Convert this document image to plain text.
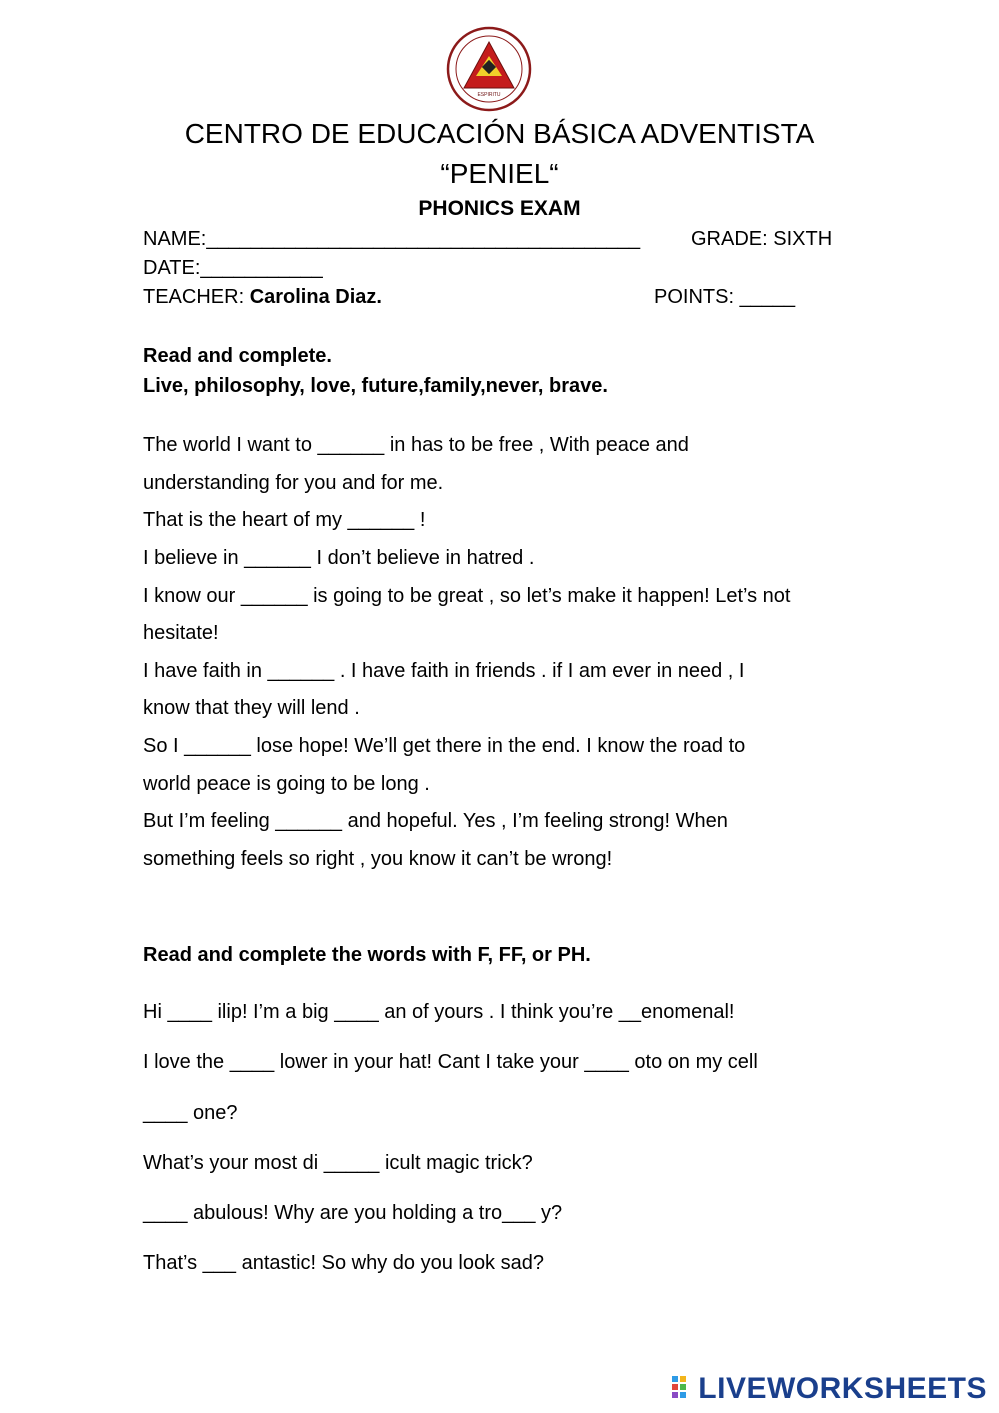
ESPIRITU
CENTRO DE EDUCACIÓN BÁSICA ADVENTISTA
“PENIEL“
PHONICS EXAM
NAME:_______________________________________	GRADE: SIXTH
DATE:___________
TEACHER: Carolina Diaz.	POINTS: _____
Read and complete.
Live, philosophy, love, future,family,never, brave.
The world I want to ______ in has to be free , With peace and
understanding for you and for me.
That is the heart of my ______ !
I believe in ______ I don’t believe in hatred .
I know our ______ is going to be great , so let’s make it happen! Let’s not
hesitate!
I have faith in ______ . I have faith in friends . if I am ever in need , I
know that they will lend .
So I ______ lose hope! We’ll get there in the end. I know the road to
world peace is going to be long .
But I’m feeling ______ and hopeful. Yes , I’m feeling strong! When
something feels so right , you know it can’t be wrong!
Read and complete the words with F, FF, or PH.
Hi ____ ilip! I’m a big ____ an of yours . I think you’re __enomenal!
I love the ____ lower in your hat! Cant I take your ____ oto on my cell
____ one?
What’s your most di _____ icult magic trick?
____ abulous! Why are you holding a tro___ y?
That’s ___ antastic! So why do you look sad?
LIVEWORKSHEETS
